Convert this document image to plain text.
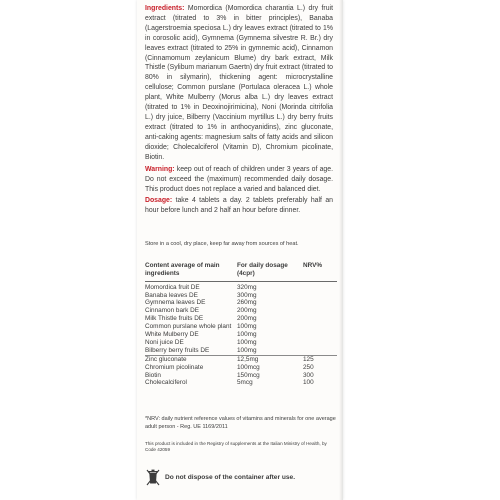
Ingredients: Momordica (Momordica charantia L.) dry fruit extract (titrated to 3% in bitter principles), Banaba (Lagerstroemia speciosa L.) dry leaves extract (titrated to 1% in corosolic acid), Gymnema (Gymnema silvestre R. Br.) dry leaves extract (titrated to 25% in gymnemic acid), Cinnamon (Cinnamomum zeylanicum Blume) dry bark extract, Milk Thistle (Sylibum marianum Gaertn) dry fruit extract (titrated to 80% in silymarin), thickening agent: microcrystalline cellulose; Common purslane (Portulaca oleracea L.) whole plant, White Mulberry (Morus alba L.) dry leaves extract (titrated to 1% in Deoxinojirimicina), Noni (Morinda citrifolia L.) dry juice, Bilberry (Vaccinium myrtillus L.) dry berry fruits extract (titrated to 1% in anthocyanidins), zinc gluconate, anti-caking agents: magnesium salts of fatty acids and silicon dioxide; Cholecalciferol (Vitamin D), Chromium picolinate, Biotin.
Warning: keep out of reach of children under 3 years of age. Do not exceed the (maximum) recommended daily dosage. This product does not replace a varied and balanced diet.
Dosage: take 4 tablets a day. 2 tablets preferably half an hour before lunch and 2 half an hour before dinner.
Store in a cool, dry place, keep far away from sources of heat.
Content average of main ingredients	For daily dosage (4cpr)	NRV%
Momordica fruit DE	320mg	
Banaba leaves DE	300mg	
Gymnema leaves DE	260mg	
Cinnamon bark DE	200mg	
Milk Thistle fruits DE	200mg	
Common purslane whole plant	100mg	
White Mulberry DE	100mg	
Noni juice DE	100mg	
Bilberry berry fruits DE	100mg	
Zinc gluconate	12,5mg	125
Chromium picolinate	100mcg	250
Biotin	150mcg	300
Cholecalciferol	5mcg	100
*NRV: daily nutrient reference values of vitamins and minerals for one average adult person - Reg. UE 1169/2011
This product is included in the Registry of supplements at the Italian Ministry of Health, by Code 42059
Do not dispose of the container after use.
